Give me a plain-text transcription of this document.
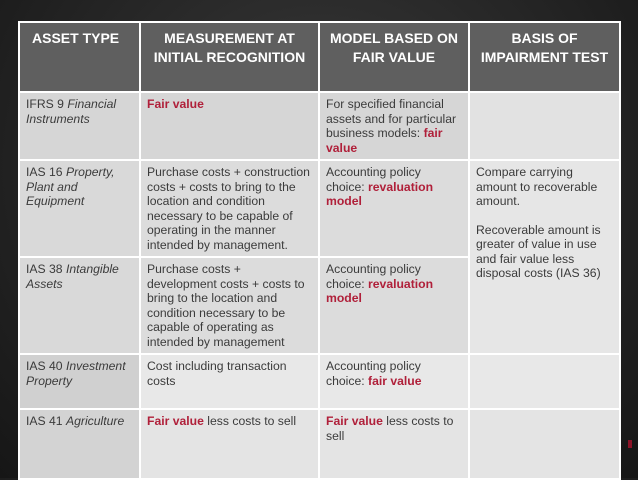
ASSET TYPE	MEASUREMENT AT INITIAL RECOGNITION	MODEL BASED ON FAIR VALUE	BASIS OF IMPAIRMENT TEST
IFRS 9 Financial Instruments	Fair value	For specified financial assets and for particular business models: fair value	
IAS 16 Property, Plant and Equipment	Purchase costs + construction costs + costs to bring to the location and condition necessary to be capable of operating in the manner intended by management.	Accounting policy choice: revaluation model	Compare carrying amount to recoverable amount.
Recoverable amount is greater of value in use and fair value less disposal costs (IAS 36)
IAS 38 Intangible Assets	Purchase costs + development costs + costs to bring to the location and condition necessary to be capable of operating as intended by management	Accounting policy choice: revaluation model	
IAS 40 Investment Property	Cost including transaction costs	Accounting policy choice: fair value	
IAS 41 Agriculture	Fair value less costs to sell	Fair value less costs to sell	
